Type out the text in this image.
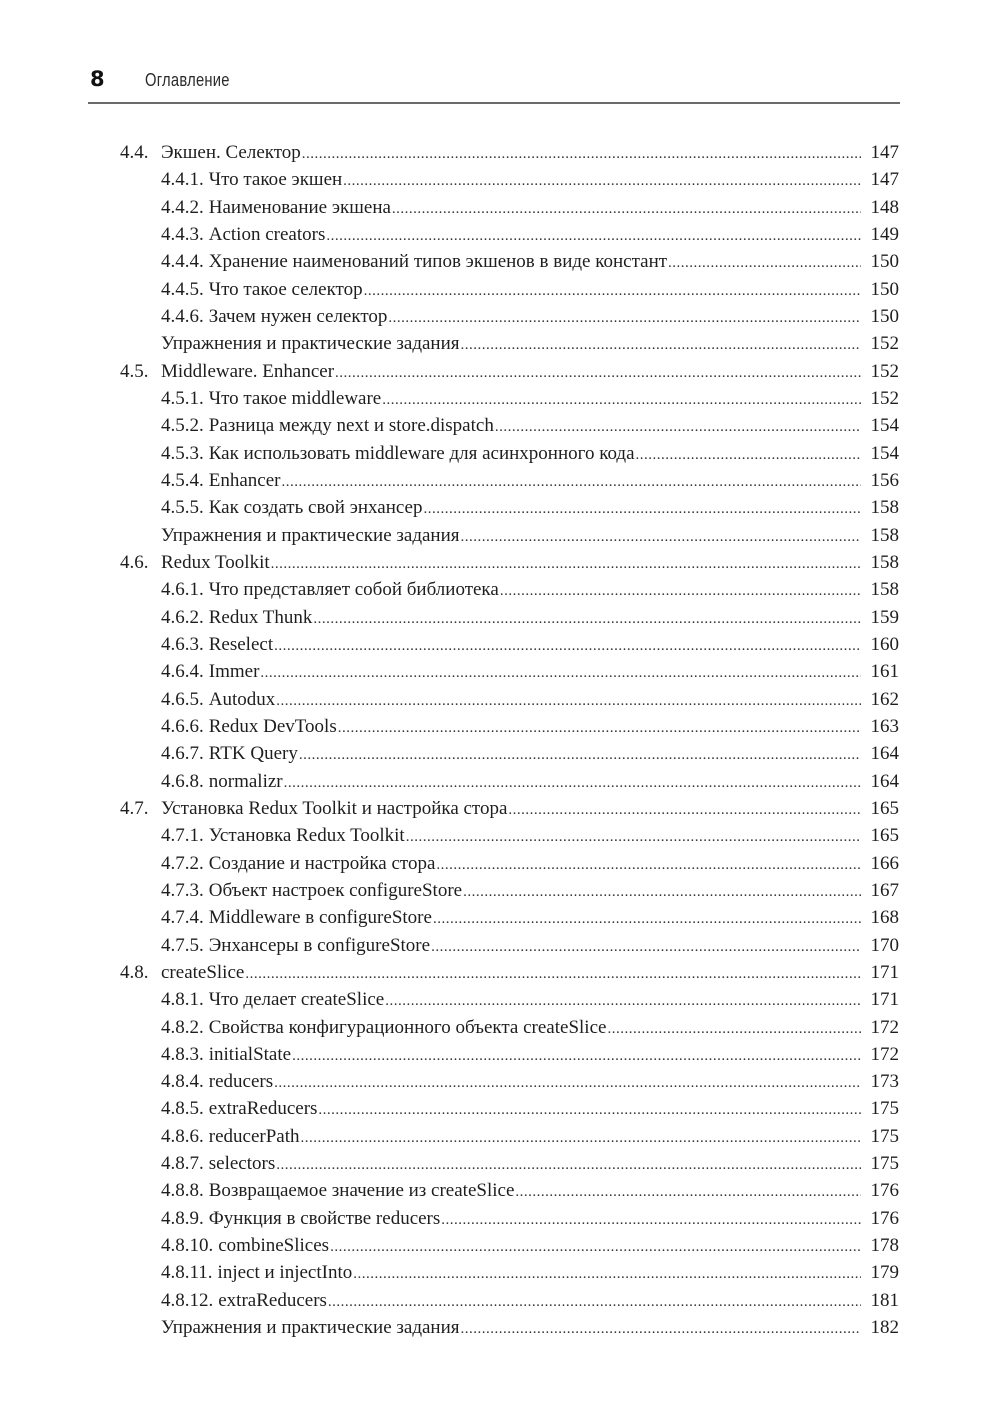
8 Оглавление
4.4. Экшен. Селектор .....	147
4.4.1. Что такое экшен .....	147
4.4.2. Наименование экшена .....	148
4.4.3. Action creators .....	149
4.4.4. Хранение наименований типов экшенов в виде констант .....	150
4.4.5. Что такое селектор .....	150
4.4.6. Зачем нужен селектор .....	150
Упражнения и практические задания .....	152
4.5. Middleware. Enhancer .....	152
4.5.1. Что такое middleware .....	152
4.5.2. Разница между next и store.dispatch .....	154
4.5.3. Как использовать middleware для асинхронного кода .....	154
4.5.4. Enhancer .....	156
4.5.5. Как создать свой энхансер .....	158
Упражнения и практические задания .....	158
4.6. Redux Toolkit .....	158
4.6.1. Что представляет собой библиотека .....	158
4.6.2. Redux Thunk .....	159
4.6.3. Reselect .....	160
4.6.4. Immer .....	161
4.6.5. Autodux .....	162
4.6.6. Redux DevTools .....	163
4.6.7. RTK Query .....	164
4.6.8. normalizr .....	164
4.7. Установка Redux Toolkit и настройка стора .....	165
4.7.1. Установка Redux Toolkit .....	165
4.7.2. Создание и настройка стора .....	166
4.7.3. Объект настроек configureStore .....	167
4.7.4. Middleware в configureStore .....	168
4.7.5. Энхансеры в configureStore .....	170
4.8. createSlice .....	171
4.8.1. Что делает createSlice .....	171
4.8.2. Свойства конфигурационного объекта createSlice .....	172
4.8.3. initialState .....	172
4.8.4. reducers .....	173
4.8.5. extraReducers .....	175
4.8.6. reducerPath .....	175
4.8.7. selectors .....	175
4.8.8. Возвращаемое значение из createSlice .....	176
4.8.9. Функция в свойстве reducers .....	176
4.8.10. combineSlices .....	178
4.8.11. inject и injectInto .....	179
4.8.12. extraReducers .....	181
Упражнения и практические задания .....	182
